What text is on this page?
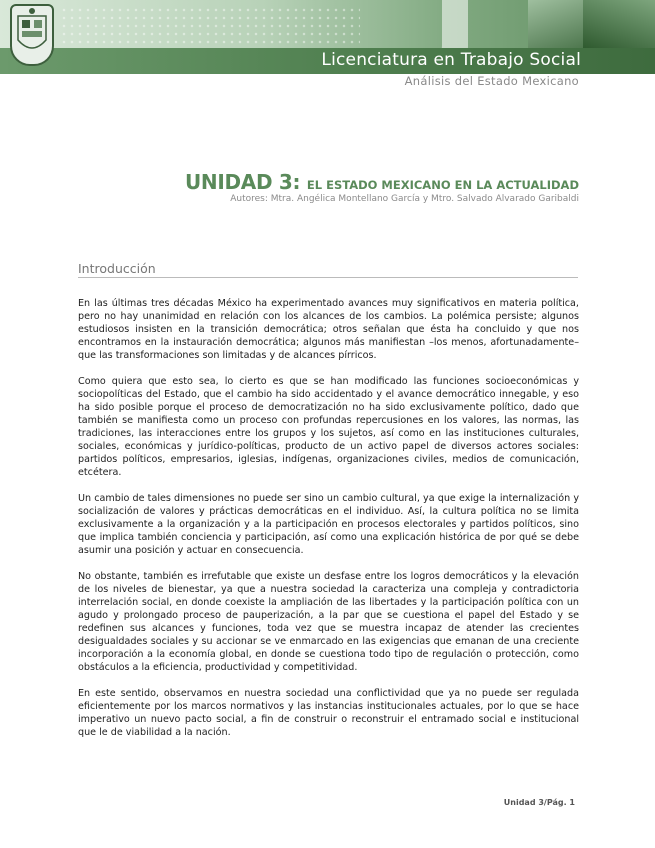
Licenciatura en Trabajo Social
Análisis del Estado Mexicano
UNIDAD 3: EL ESTADO MEXICANO EN LA ACTUALIDAD
Autores: Mtra. Angélica Montellano García y Mtro. Salvado Alvarado Garibaldi
Introducción

En las últimas tres décadas México ha experimentado avances muy significativos en materia política, pero no hay unanimidad en relación con los alcances de los cambios. La polémica persiste; algunos estudiosos insisten en la transición democrática; otros señalan que ésta ha concluido y que nos encontramos en la instauración democrática; algunos más manifiestan –los menos, afortunadamente– que las transformaciones son limitadas y de alcances pírricos.

Como quiera que esto sea, lo cierto es que se han modificado las funciones socioeconómicas y sociopolíticas del Estado, que el cambio ha sido accidentado y el avance democrático innegable, y eso ha sido posible porque el proceso de democratización no ha sido exclusivamente político, dado que también se manifiesta como un proceso con profundas repercusiones en los valores, las normas, las tradiciones, las interacciones entre los grupos y los sujetos, así como en las instituciones culturales, sociales, económicas y jurídico-políticas, producto de un activo papel de diversos actores sociales: partidos políticos, empresarios, iglesias, indígenas, organizaciones civiles, medios de comunicación, etcétera.

Un cambio de tales dimensiones no puede ser sino un cambio cultural, ya que exige la internalización y socialización de valores y prácticas democráticas en el individuo. Así, la cultura política no se limita exclusivamente a la organización y a la participación en procesos electorales y partidos políticos, sino que implica también conciencia y participación, así como una explicación histórica de por qué se debe asumir una posición y actuar en consecuencia.

No obstante, también es irrefutable que existe un desfase entre los logros democráticos y la elevación de los niveles de bienestar, ya que a nuestra sociedad la caracteriza una compleja y contradictoria interrelación social, en donde coexiste la ampliación de las libertades y la participación política con un agudo y prolongado proceso de pauperización, a la par que se cuestiona el papel del Estado y se redefinen sus alcances y funciones, toda vez que se muestra incapaz de atender las crecientes desigualdades sociales y su accionar se ve enmarcado en las exigencias que emanan de una creciente incorporación a la economía global, en donde se cuestiona todo tipo de regulación o protección, como obstáculos a la eficiencia, productividad y competitividad.

En este sentido, observamos en nuestra sociedad una conflictividad que ya no puede ser regulada eficientemente por los marcos normativos y las instancias institucionales actuales, por lo que se hace imperativo un nuevo pacto social, a fin de construir o reconstruir el entramado social e institucional que le de viabilidad a la nación.

Unidad 3/Pág. 1
